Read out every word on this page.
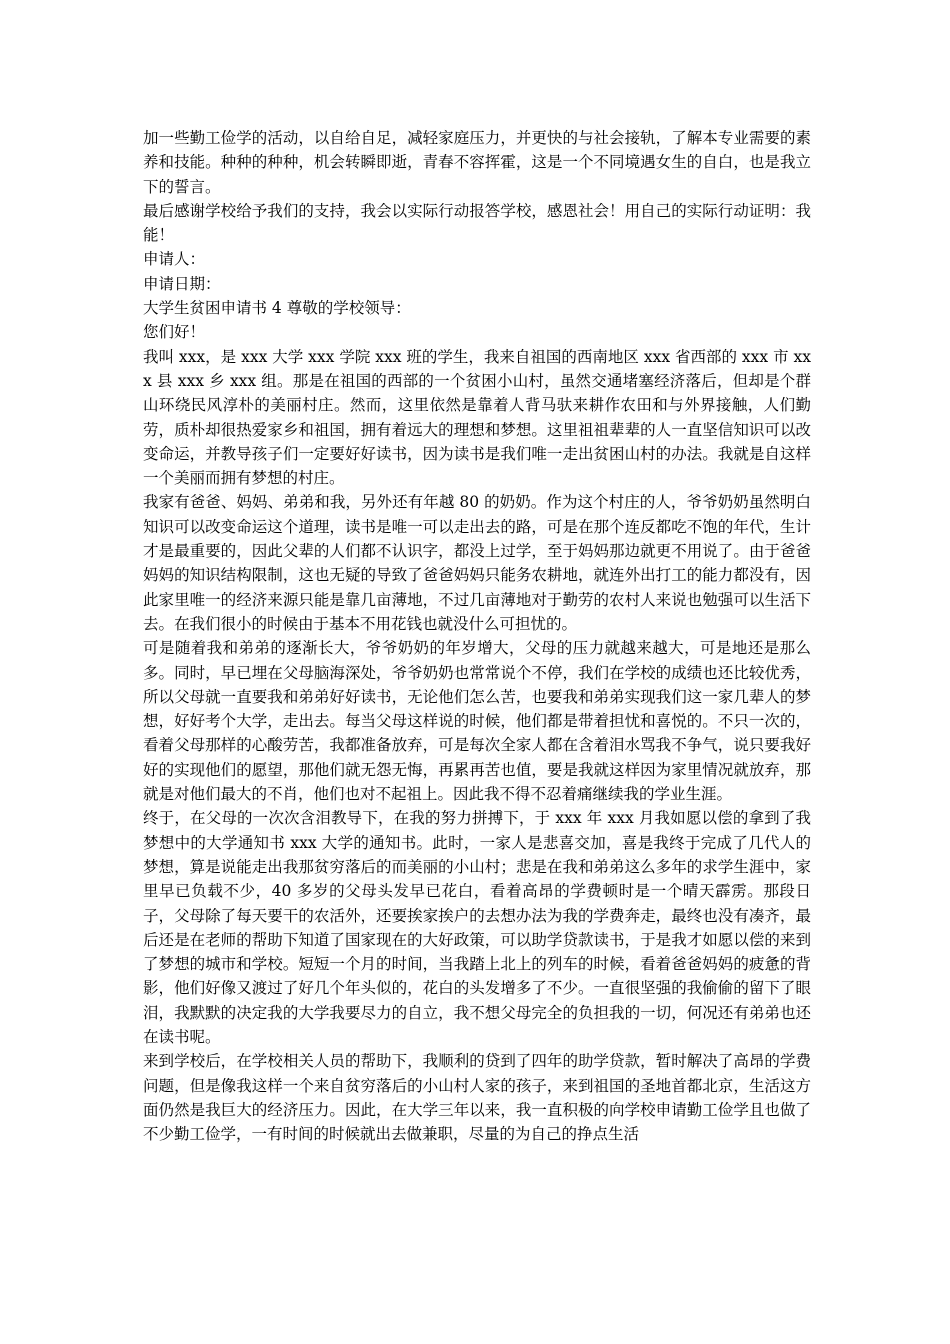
加一些勤工俭学的活动，以自给自足，减轻家庭压力，并更快的与社会接轨，了解本专业需要的素养和技能。种种的种种，机会转瞬即逝，青春不容挥霍，这是一个不同境遇女生的自白，也是我立下的誓言。

最后感谢学校给予我们的支持，我会以实际行动报答学校，感恩社会！用自己的实际行动证明：我能！

申请人：

申请日期：

大学生贫困申请书 4 尊敬的学校领导：

您们好！

我叫 xxx，是 xxx 大学 xxx 学院 xxx 班的学生，我来自祖国的西南地区 xxx 省西部的 xxx 市 xxx 县 xxx 乡 xxx 组。那是在祖国的西部的一个贫困小山村，虽然交通堵塞经济落后，但却是个群山环绕民风淳朴的美丽村庄。然而，这里依然是靠着人背马驮来耕作农田和与外界接触，人们勤劳，质朴却很热爱家乡和祖国，拥有着远大的理想和梦想。这里祖祖辈辈的人一直坚信知识可以改变命运，并教导孩子们一定要好好读书，因为读书是我们唯一走出贫困山村的办法。我就是自这样一个美丽而拥有梦想的村庄。

我家有爸爸、妈妈、弟弟和我，另外还有年越 80 的奶奶。作为这个村庄的人，爷爷奶奶虽然明白知识可以改变命运这个道理，读书是唯一可以走出去的路，可是在那个连反都吃不饱的年代，生计才是最重要的，因此父辈的人们都不认识字，都没上过学，至于妈妈那边就更不用说了。由于爸爸妈妈的知识结构限制，这也无疑的导致了爸爸妈妈只能务农耕地，就连外出打工的能力都没有，因此家里唯一的经济来源只能是靠几亩薄地，不过几亩薄地对于勤劳的农村人来说也勉强可以生活下去。在我们很小的时候由于基本不用花钱也就没什么可担忧的。

可是随着我和弟弟的逐渐长大，爷爷奶奶的年岁增大，父母的压力就越来越大，可是地还是那么多。同时，早已埋在父母脑海深处，爷爷奶奶也常常说个不停，我们在学校的成绩也还比较优秀，所以父母就一直要我和弟弟好好读书，无论他们怎么苦，也要我和弟弟实现我们这一家几辈人的梦想，好好考个大学，走出去。每当父母这样说的时候，他们都是带着担忧和喜悦的。不只一次的，看着父母那样的心酸劳苦，我都准备放弃，可是每次全家人都在含着泪水骂我不争气，说只要我好好的实现他们的愿望，那他们就无怨无悔，再累再苦也值，要是我就这样因为家里情况就放弃，那就是对他们最大的不肖，他们也对不起祖上。因此我不得不忍着痛继续我的学业生涯。

终于，在父母的一次次含泪教导下，在我的努力拼搏下，于 xxx 年 xxx 月我如愿以偿的拿到了我梦想中的大学通知书 xxx 大学的通知书。此时，一家人是悲喜交加，喜是我终于完成了几代人的梦想，算是说能走出我那贫穷落后的而美丽的小山村；悲是在我和弟弟这么多年的求学生涯中，家里早已负载不少，40 多岁的父母头发早已花白，看着高昂的学费顿时是一个晴天霹雳。那段日子，父母除了每天要干的农活外，还要挨家挨户的去想办法为我的学费奔走，最终也没有凑齐，最后还是在老师的帮助下知道了国家现在的大好政策，可以助学贷款读书，于是我才如愿以偿的来到了梦想的城市和学校。短短一个月的时间，当我踏上北上的列车的时候，看着爸爸妈妈的疲惫的背影，他们好像又渡过了好几个年头似的，花白的头发增多了不少。一直很坚强的我偷偷的留下了眼泪，我默默的决定我的大学我要尽力的自立，我不想父母完全的负担我的一切，何况还有弟弟也还在读书呢。

来到学校后，在学校相关人员的帮助下，我顺利的贷到了四年的助学贷款，暂时解决了高昂的学费问题，但是像我这样一个来自贫穷落后的小山村人家的孩子，来到祖国的圣地首都北京，生活这方面仍然是我巨大的经济压力。因此，在大学三年以来，我一直积极的向学校申请勤工俭学且也做了不少勤工俭学，一有时间的时候就出去做兼职，尽量的为自己的挣点生活
